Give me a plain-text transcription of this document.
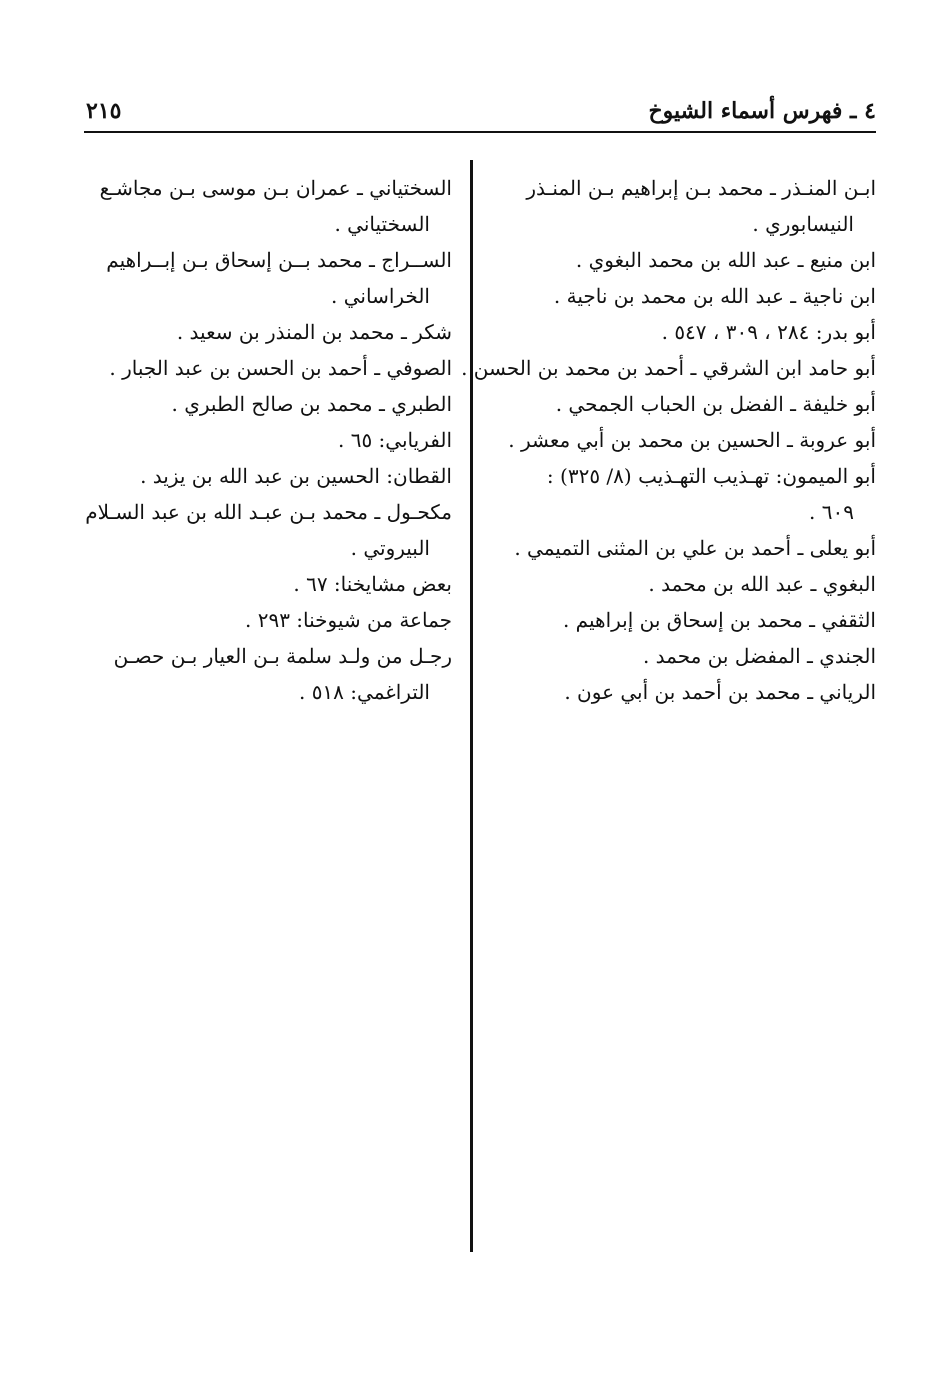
٤ ـ فهرس أسماء الشيوخ
٢١٥
ابـن المنـذر ـ محمد بـن إبراهيم بـن المنـذر
النيسابوري .
ابن منيع ـ عبد الله بن محمد البغوي .
ابن ناجية ـ عبد الله بن محمد بن ناجية .
أبو بدر: ٢٨٤ ، ٣٠٩ ، ٥٤٧ .
أبو حامد ابن الشرقي ـ أحمد بن محمد بن الحسن .
أبو خليفة ـ الفضل بن الحباب الجمحي .
أبو عروبة ـ الحسين بن محمد بن أبي معشر .
أبو الميمون: تهـذيب التهـذيب (٨/ ٣٢٥) :
٦٠٩ .
أبو يعلى ـ أحمد بن علي بن المثنى التميمي .
البغوي ـ عبد الله بن محمد .
الثقفي ـ محمد بن إسحاق بن إبراهيم .
الجندي ـ المفضل بن محمد .
الرياني ـ محمد بن أحمد بن أبي عون .
السختياني ـ عمران بـن موسى بـن مجاشـع
السختياني .
الســراج ـ محمد بــن إسحاق بـن إبــراهيم
الخراساني .
شكر ـ محمد بن المنذر بن سعيد .
الصوفي ـ أحمد بن الحسن بن عبد الجبار .
الطبري ـ محمد بن صالح الطبري .
الفريابي: ٦٥ .
القطان: الحسين بن عبد الله بن يزيد .
مكحـول ـ محمد بـن عبـد الله بن عبد السـلام
البيروتي .
بعض مشايخنا: ٦٧ .
جماعة من شيوخنا: ٢٩٣ .
رجـل من ولـد سلمة بـن العيار بـن حصـن
التراغمي: ٥١٨ .
